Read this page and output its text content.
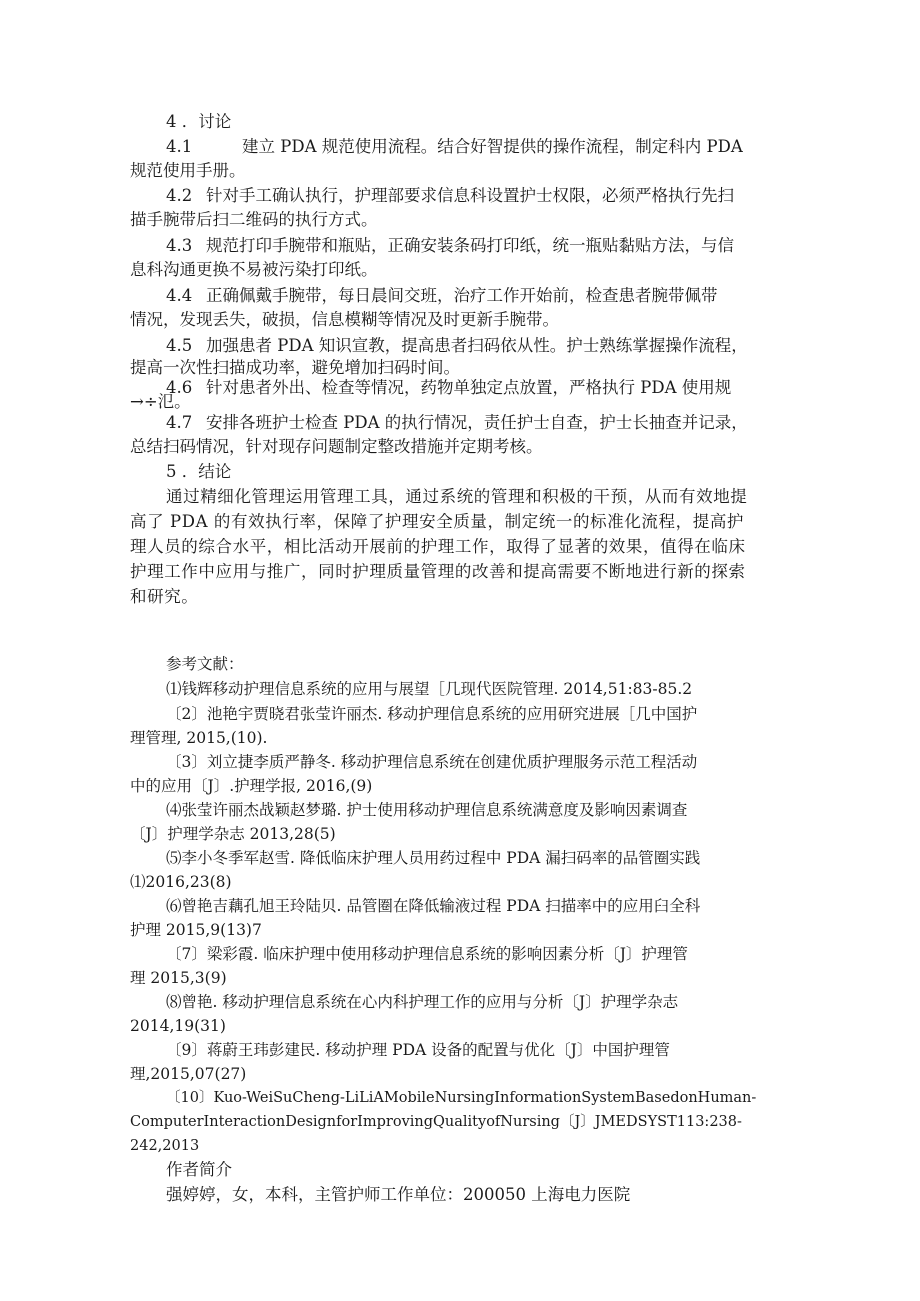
4 ．讨论

4.1	建立 PDA 规范使用流程。结合好智提供的操作流程，制定科内 PDA

规范使用手册。

4.2 针对手工确认执行，护理部要求信息科设置护士权限，必须严格执行先扫

描手腕带后扫二维码的执行方式。

4.3 规范打印手腕带和瓶贴，正确安装条码打印纸，统一瓶贴黏贴方法，与信

息科沟通更换不易被污染打印纸。

4.4 正确佩戴手腕带，每日晨间交班，治疗工作开始前，检查患者腕带佩带

情况，发现丢失，破损，信息模糊等情况及时更新手腕带。

4.5 加强患者 PDA 知识宣教，提高患者扫码依从性。护士熟练掌握操作流程，

提高一次性扫描成功率，避免增加扫码时间。

4.6 针对患者外出、检查等情况，药物单独定点放置，严格执行 PDA 使用规

→÷氾。

4.7 安排各班护士检查 PDA 的执行情况，责任护士自查，护士长抽查并记录，

总结扫码情况，针对现存问题制定整改措施并定期考核。

5 ．结论

通过精细化管理运用管理工具，通过系统的管理和积极的干预，从而有效地提

高了 PDA 的有效执行率，保障了护理安全质量，制定统一的标准化流程，提高护

理人员的综合水平，相比活动开展前的护理工作，取得了显著的效果，值得在临床

护理工作中应用与推广，同时护理质量管理的改善和提高需要不断地进行新的探索

和研究。

参考文献：

⑴钱辉移动护理信息系统的应用与展望［几现代医院管理. 2014,51:83-85.2

〔2〕池艳宇贾晓君张莹许丽杰. 移动护理信息系统的应用研究进展［几中国护

理管理, 2015,(10).

〔3〕刘立捷李质严静冬. 移动护理信息系统在创建优质护理服务示范工程活动

中的应用〔J〕.护理学报, 2016,(9)

⑷张莹许丽杰战颖赵梦璐. 护士使用移动护理信息系统满意度及影响因素调查

〔J〕护理学杂志 2013,28(5)

⑸李小冬季军赵雪. 降低临床护理人员用药过程中 PDA 漏扫码率的品管圈实践

⑴2016,23(8)

⑹曾艳吉藕孔旭王玲陆贝. 品管圈在降低输液过程 PDA 扫描率中的应用臼全科

护理 2015,9(13)7

〔7〕梁彩霞. 临床护理中使用移动护理信息系统的影响因素分析〔J〕护理管

理 2015,3(9)

⑻曾艳. 移动护理信息系统在心内科护理工作的应用与分析〔J〕护理学杂志

2014,19(31)

〔9〕蒋蔚王玮彭建民. 移动护理 PDA 设备的配置与优化〔J〕中国护理管

理,2015,07(27)

〔10〕Kuo-WeiSuCheng-LiLiAMobileNursingInformationSystemBasedonHuman-

ComputerInteractionDesignforImprovingQualityofNursing〔J〕JMEDSYST113:238-

242,2013

作者简介

强婷婷，女，本科，主管护师工作单位：200050 上海电力医院
